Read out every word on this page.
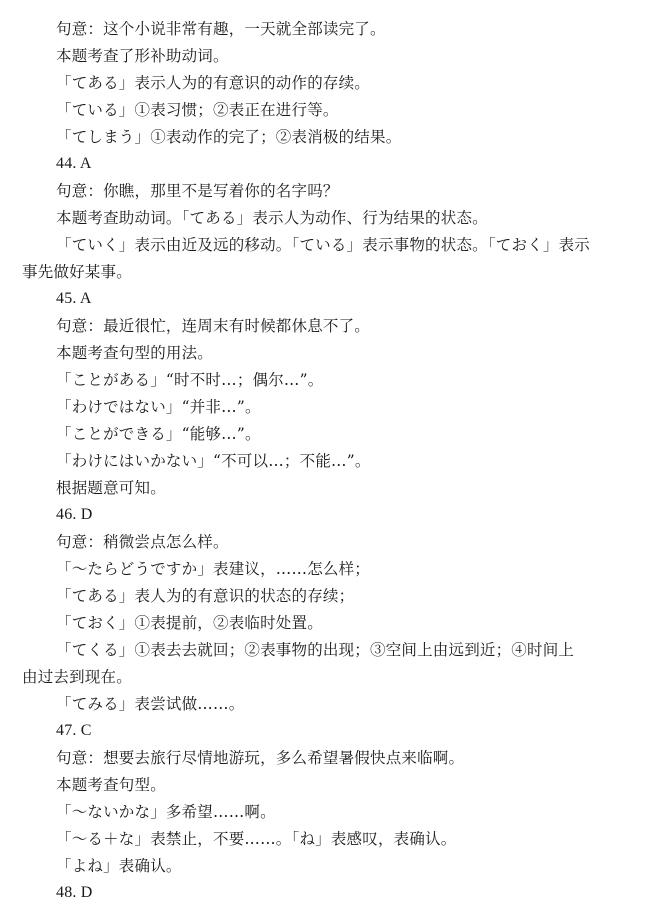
句意：这个小说非常有趣，一天就全部读完了。
本题考查了形补助动词。
「てある」表示人为的有意识的动作的存续。
「ている」①表习惯；②表正在进行等。
「てしまう」①表动作的完了；②表消极的结果。
44. A
句意：你瞧，那里不是写着你的名字吗？
本题考查助动词。「てある」表示人为动作、行为结果的状态。
「ていく」表示由近及远的移动。「ている」表示事物的状态。「ておく」表示
事先做好某事。
45. A
句意：最近很忙，连周末有时候都休息不了。
本题考查句型的用法。
「ことがある」“时不时…；偶尔…”。
「わけではない」“并非…”。
「ことができる」“能够…”。
「わけにはいかない」“不可以…；不能…”。
根据题意可知。
46. D
句意：稍微尝点怎么样。
「～たらどうですか」表建议，……怎么样；
「てある」表人为的有意识的状态的存续；
「ておく」①表提前，②表临时处置。
「てくる」①表去去就回；②表事物的出现；③空间上由远到近；④时间上
由过去到现在。
「てみる」表尝试做……。
47. C
句意：想要去旅行尽情地游玩，多么希望暑假快点来临啊。
本题考查句型。
「～ないかな」多希望……啊。
「～る＋な」表禁止，不要……。「ね」表感叹，表确认。
「よね」表确认。
48. D
